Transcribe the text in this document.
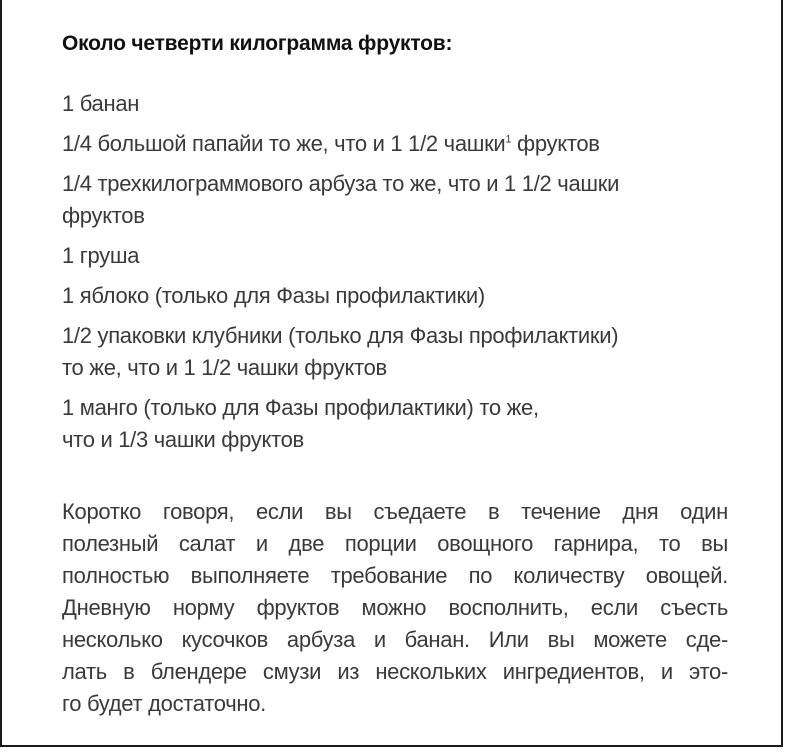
Около четверти килограмма фруктов:
1 банан
1/4 большой папайи то же, что и 1 1/2 чашки$^1$ фруктов
1/4 трехкилограммового арбуза то же, что и 1 1/2 чашки
фруктов
1 груша
1 яблоко (только для Фазы профилактики)
1/2 упаковки клубники (только для Фазы профилактики)
то же, что и 1 1/2 чашки фруктов
1 манго (только для Фазы профилактики) то же,
что и 1/3 чашки фруктов
Коротко говоря, если вы съедаете в течение дня один
полезный салат и две порции овощного гарнира, то вы
полностью выполняете требование по количеству овощей.
Дневную норму фруктов можно восполнить, если съесть
несколько кусочков арбуза и банан. Или вы можете сде-
лать в блендере смузи из нескольких ингредиентов, и это-
го будет достаточно.
